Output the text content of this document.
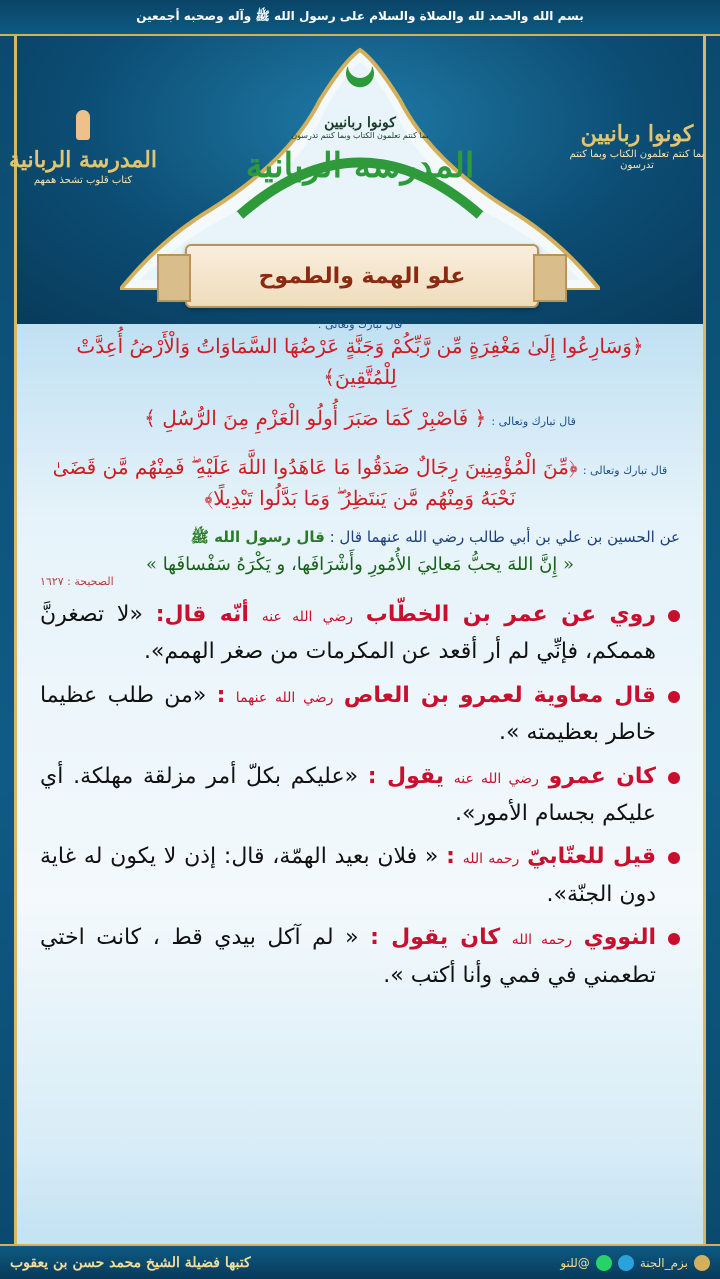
بسم الله والحمد لله والصلاة والسلام على رسول الله ﷺ وآله وصحبه أجمعين
كونوا ربانيين
بما كنتم تعلمون الكتاب وبما كنتم تدرسون
المدرسة الربانية
المدرسة الربانية
كتاب قلوب تشحذ همهم
كونوا ربانيين
بما كنتم تعلمون الكتاب وبما كنتم تدرسون
علو الهمة والطموح
قال تبارك وتعالى :
﴿وَسَارِعُوا إِلَىٰ مَغْفِرَةٍ مِّن رَّبِّكُمْ وَجَنَّةٍ عَرْضُهَا السَّمَاوَاتُ وَالْأَرْضُ أُعِدَّتْ لِلْمُتَّقِينَ﴾
قال تبارك وتعالى : ﴿ فَاصْبِرْ كَمَا صَبَرَ أُولُو الْعَزْمِ مِنَ الرُّسُلِ ﴾
قال تبارك وتعالى : ﴿مِّنَ الْمُؤْمِنِينَ رِجَالٌ صَدَقُوا مَا عَاهَدُوا اللَّهَ عَلَيْهِ ۖ فَمِنْهُم مَّن قَضَىٰ نَحْبَهُ وَمِنْهُم مَّن يَنتَظِرُ ۖ وَمَا بَدَّلُوا تَبْدِيلًا﴾
عن الحسين بن علي بن أبي طالب رضي الله عنهما قال : قال رسول الله ﷺ
« إِنَّ اللهَ يحبُّ مَعالِيَ الأُمُورِ وأَشْرَافَها، و يَكْرَهُ سَفْسافَها »
الصحيحة : ١٦٢٧
روي عن عمر بن الخطّاب رضي الله عنه أنّه قال: «لا تصغرنَّ هممكم، فإنِّي لم أر أقعد عن المكرمات من صغر الهمم».
قال معاوية لعمرو بن العاص رضي الله عنهما : «من طلب عظيما خاطر بعظيمته ».
كان عمرو رضي الله عنه يقول : «عليكم بكلّ أمر مزلقة مهلكة. أي عليكم بجسام الأمور».
قيل للعتّابيّ رحمه الله : « فلان بعيد الهمّة، قال: إذن لا يكون له غاية دون الجنّة».
النووي رحمه الله كان يقول : « لم آكل بيدي قط ، كانت اختي تطعمني في فمي وأنا أكتب ».
كتبها فضيلة الشيخ محمد حسن بن يعقوب	@للتو	بزم_الجنة
